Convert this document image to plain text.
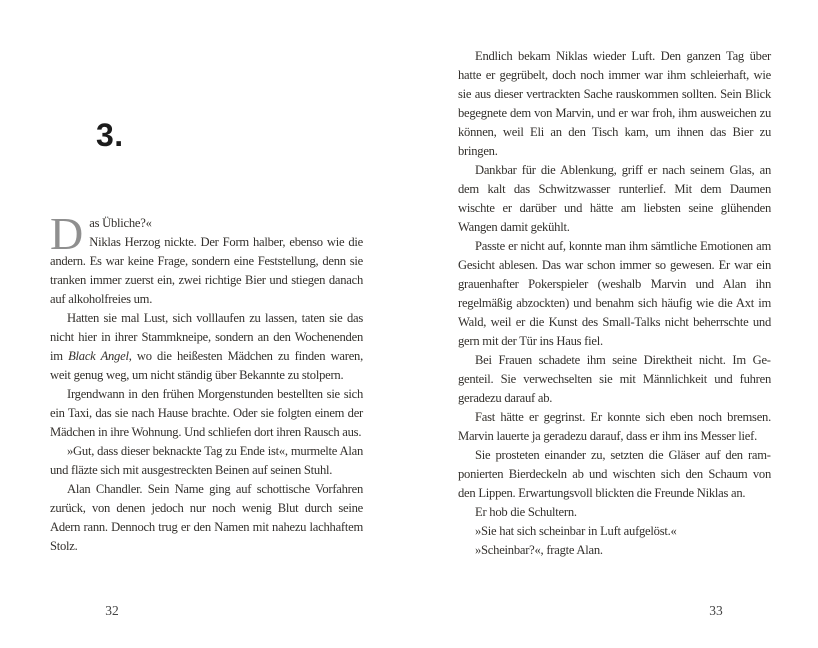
3.
D as Übliche?«

Niklas Herzog nickte. Der Form halber, ebenso wie die andern. Es war keine Frage, sondern eine Feststellung, denn sie tranken immer zuerst ein, zwei richtige Bier und stiegen danach auf alkoholfreies um.

Hatten sie mal Lust, sich volllaufen zu lassen, taten sie das nicht hier in ihrer Stammkneipe, sondern an den Wochenenden im Black Angel, wo die heißesten Mädchen zu finden waren, weit genug weg, um nicht ständig über Bekannte zu stolpern.

Irgendwann in den frühen Morgenstunden bestellten sie sich ein Taxi, das sie nach Hause brachte. Oder sie folgten einem der Mädchen in ihre Wohnung. Und schliefen dort ihren Rausch aus.

»Gut, dass dieser beknackte Tag zu Ende ist«, murmelte Alan und fläzte sich mit ausgestreckten Beinen auf seinen Stuhl.

Alan Chandler. Sein Name ging auf schottische Vorfahren zurück, von denen jedoch nur noch wenig Blut durch seine Adern rann. Dennoch trug er den Namen mit nahezu lachhaftem Stolz.

32

Endlich bekam Niklas wieder Luft. Den ganzen Tag über hatte er gegrübelt, doch noch immer war ihm schleierhaft, wie sie aus dieser vertrackten Sache rauskommen sollten. Sein Blick begegnete dem von Marvin, und er war froh, ihm ausweichen zu können, weil Eli an den Tisch kam, um ihnen das Bier zu bringen.

Dankbar für die Ablenkung, griff er nach seinem Glas, an dem kalt das Schwitzwasser runterlief. Mit dem Daumen wischte er darüber und hätte am liebsten seine glühenden Wangen damit gekühlt.

Passte er nicht auf, konnte man ihm sämtliche Emotionen am Gesicht ablesen. Das war schon immer so gewesen. Er war ein grauenhafter Pokerspieler (weshalb Marvin und Alan ihn regelmäßig abzockten) und benahm sich häufig wie die Axt im Wald, weil er die Kunst des Small-Talks nicht beherrschte und gern mit der Tür ins Haus fiel.

Bei Frauen schadete ihm seine Direktheit nicht. Im Gegenteil. Sie verwechselten sie mit Männlichkeit und fuhren geradezu darauf ab.

Fast hätte er gegrinst. Er konnte sich eben noch bremsen. Marvin lauerte ja geradezu darauf, dass er ihm ins Messer lief.

Sie prosteten einander zu, setzten die Gläser auf den ramponierten Bierdeckeln ab und wischten sich den Schaum von den Lippen. Erwartungsvoll blickten die Freunde Niklas an.

Er hob die Schultern.

»Sie hat sich scheinbar in Luft aufgelöst.«

»Scheinbar?«, fragte Alan.

33
